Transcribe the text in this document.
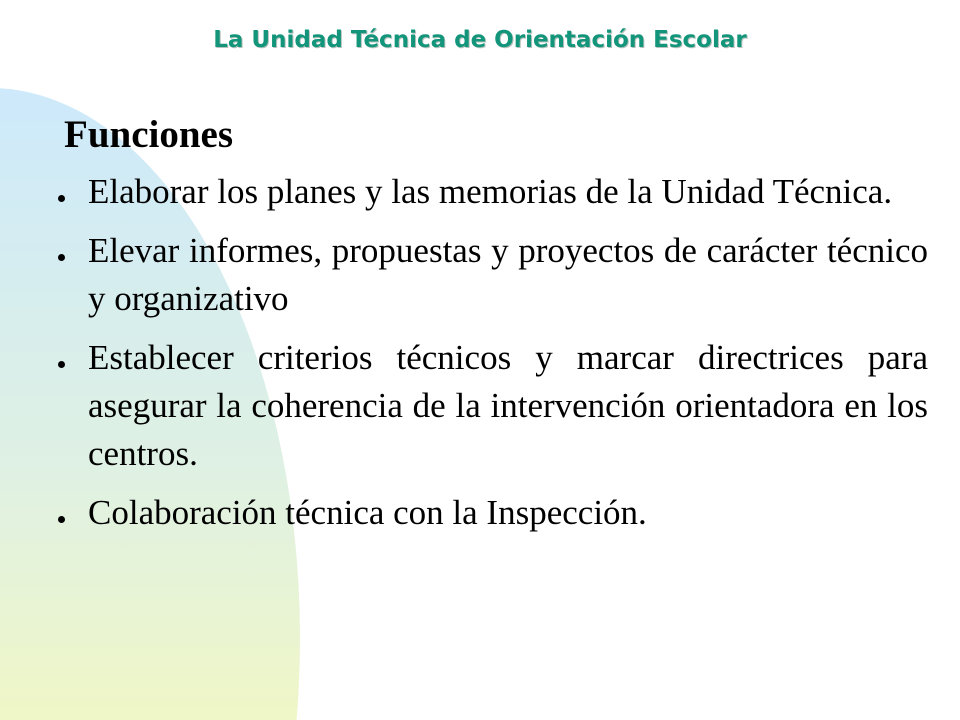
La Unidad Técnica de Orientación Escolar
Funciones
Elaborar los planes y las memorias de la Unidad Técnica.
Elevar informes, propuestas y proyectos de carácter técnico y organizativo
Establecer criterios técnicos y marcar directrices para asegurar la coherencia de la intervención orientadora en los centros.
Colaboración técnica con la Inspección.
